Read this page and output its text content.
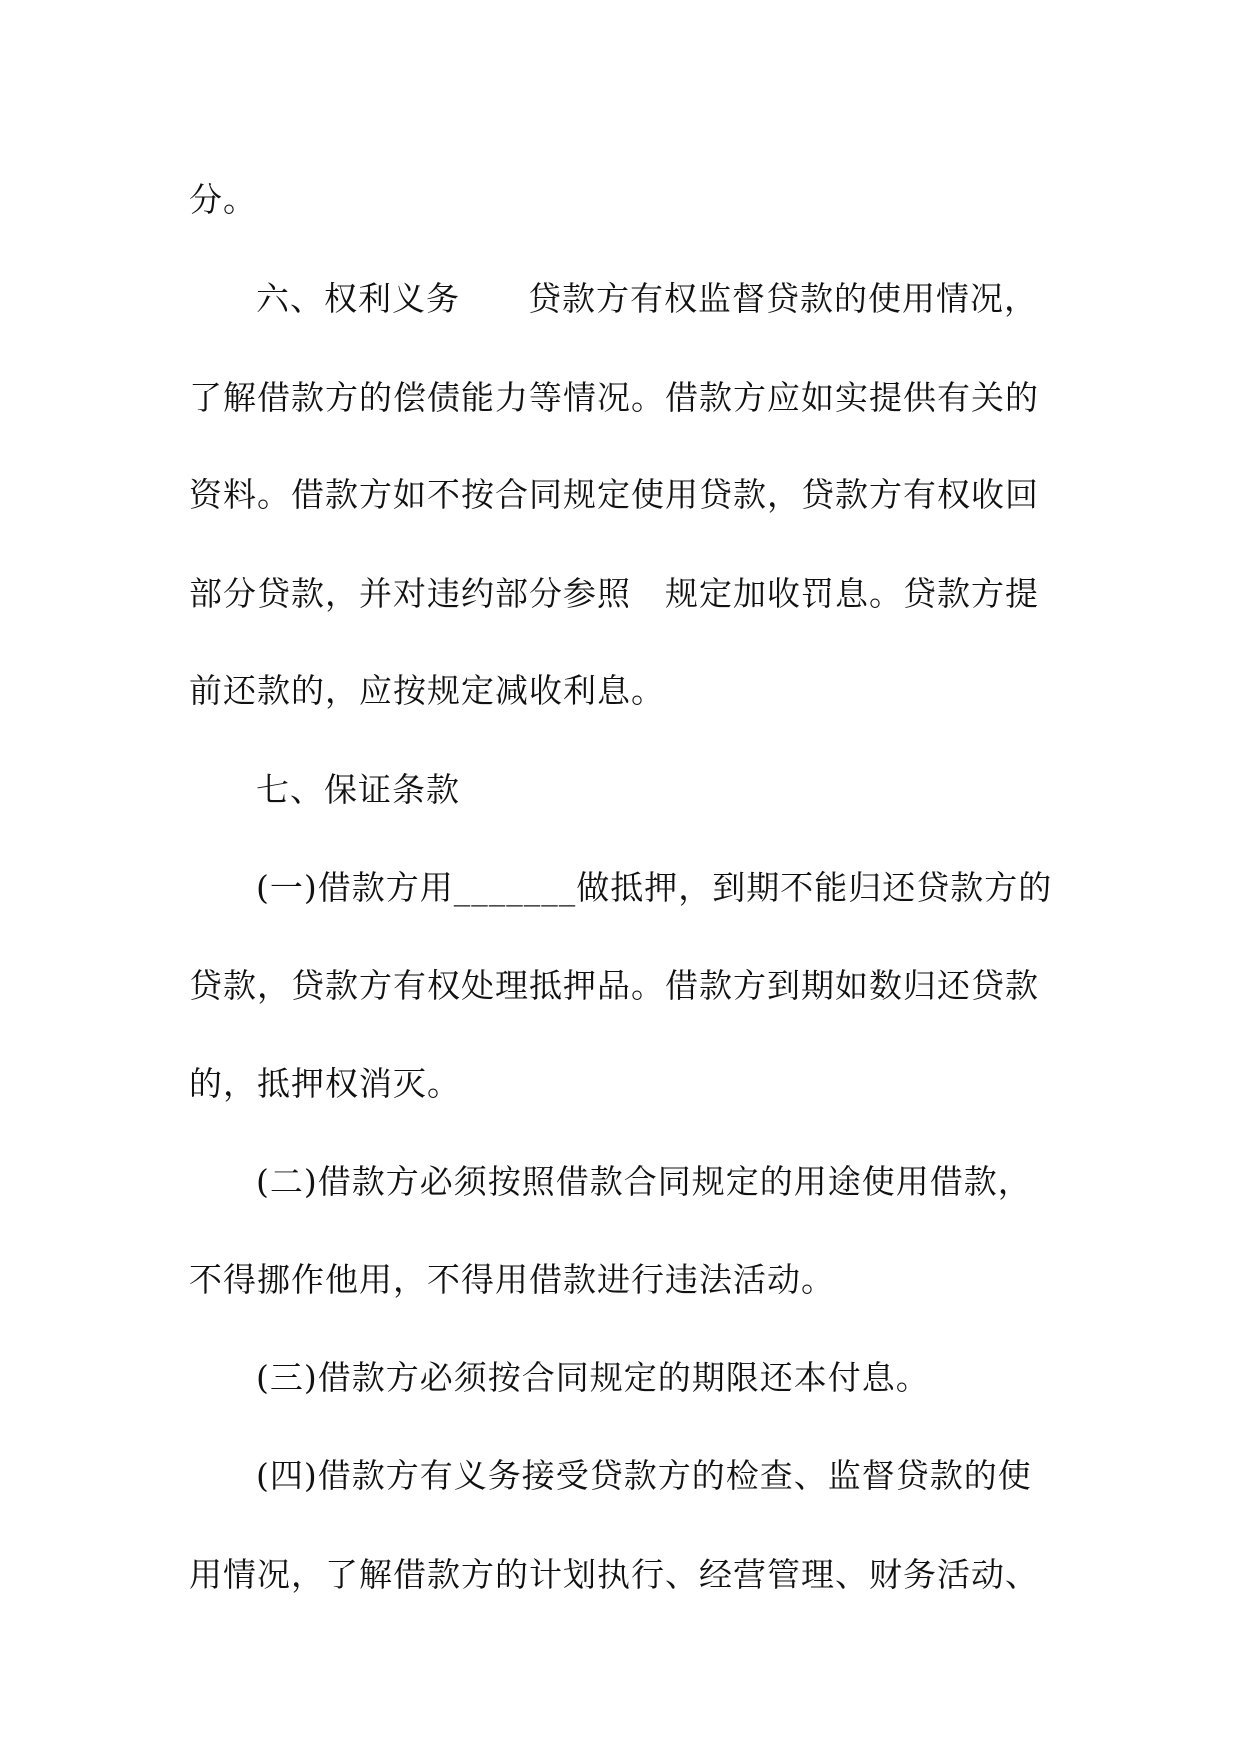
分。
六、权利义务　　贷款方有权监督贷款的使用情况，
了解借款方的偿债能力等情况。借款方应如实提供有关的
资料。借款方如不按合同规定使用贷款，贷款方有权收回
部分贷款，并对违约部分参照　规定加收罚息。贷款方提
前还款的，应按规定减收利息。
七、保证条款
(一)借款方用_______做抵押，到期不能归还贷款方的
贷款，贷款方有权处理抵押品。借款方到期如数归还贷款
的，抵押权消灭。
(二)借款方必须按照借款合同规定的用途使用借款，
不得挪作他用，不得用借款进行违法活动。
(三)借款方必须按合同规定的期限还本付息。
(四)借款方有义务接受贷款方的检查、监督贷款的使
用情况，了解借款方的计划执行、经营管理、财务活动、
